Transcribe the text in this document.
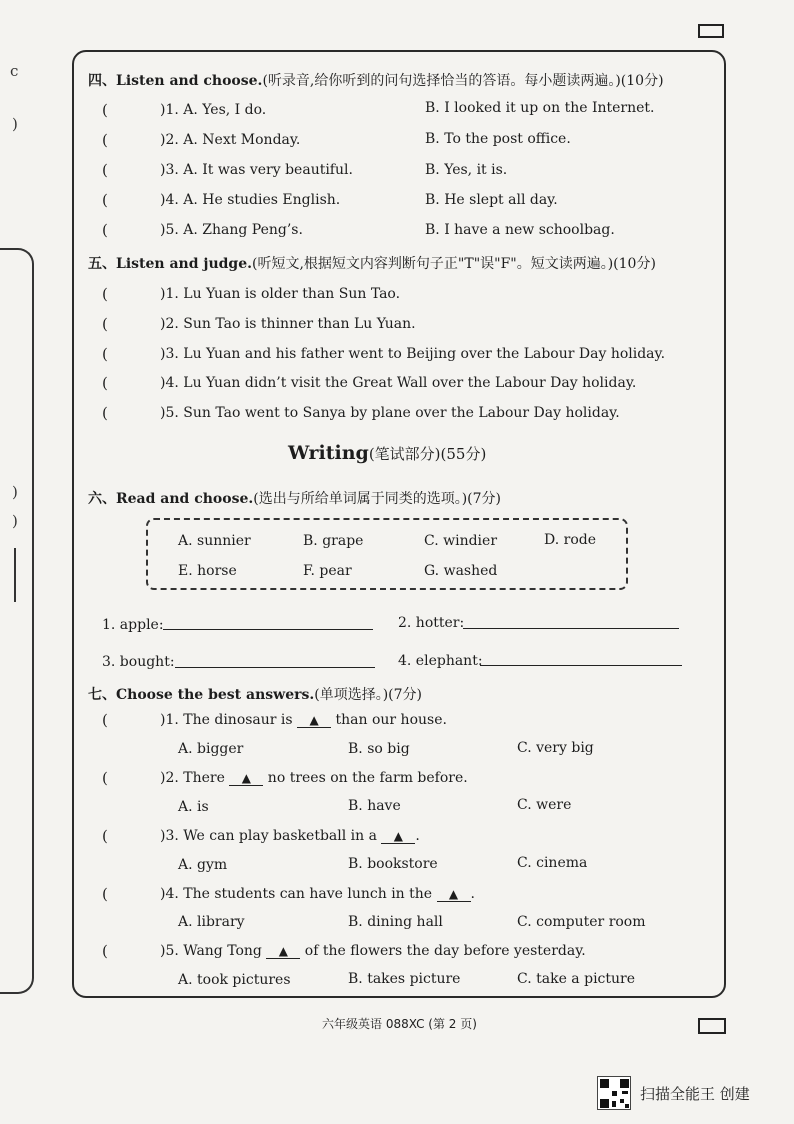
c
)
)
)
四、Listen and choose.(听录音,给你听到的问句选择恰当的答语。每小题读两遍。)(10分)
(	)1. A. Yes, I do.	B. I looked it up on the Internet.
(	)2. A. Next Monday.	B. To the post office.
(	)3. A. It was very beautiful.	B. Yes, it is.
(	)4. A. He studies English.	B. He slept all day.
(	)5. A. Zhang Peng’s.	B. I have a new schoolbag.
五、Listen and judge.(听短文,根据短文内容判断句子正"T"误"F"。短文读两遍。)(10分)
(	)1. Lu Yuan is older than Sun Tao.
(	)2. Sun Tao is thinner than Lu Yuan.
(	)3. Lu Yuan and his father went to Beijing over the Labour Day holiday.
(	)4. Lu Yuan didn’t visit the Great Wall over the Labour Day holiday.
(	)5. Sun Tao went to Sanya by plane over the Labour Day holiday.
Writing(笔试部分)(55分)
六、Read and choose.(选出与所给单词属于同类的选项。)(7分)
A. sunnier	B. grape	C. windier	D. rode
E. horse	F. pear	G. washed
1. apple:	2. hotter:
3. bought:	4. elephant:
七、Choose the best answers.(单项选择。)(7分)
(	)1. The dinosaur is ▲ than our house.
A. bigger	B. so big	C. very big
(	)2. There ▲ no trees on the farm before.
A. is	B. have	C. were
(	)3. We can play basketball in a ▲ .
A. gym	B. bookstore	C. cinema
(	)4. The students can have lunch in the ▲ .
A. library	B. dining hall	C. computer room
(	)5. Wang Tong ▲ of the flowers the day before yesterday.
A. took pictures	B. takes picture	C. take a picture
六年级英语 088XC (第 2 页)
扫描全能王 创建
